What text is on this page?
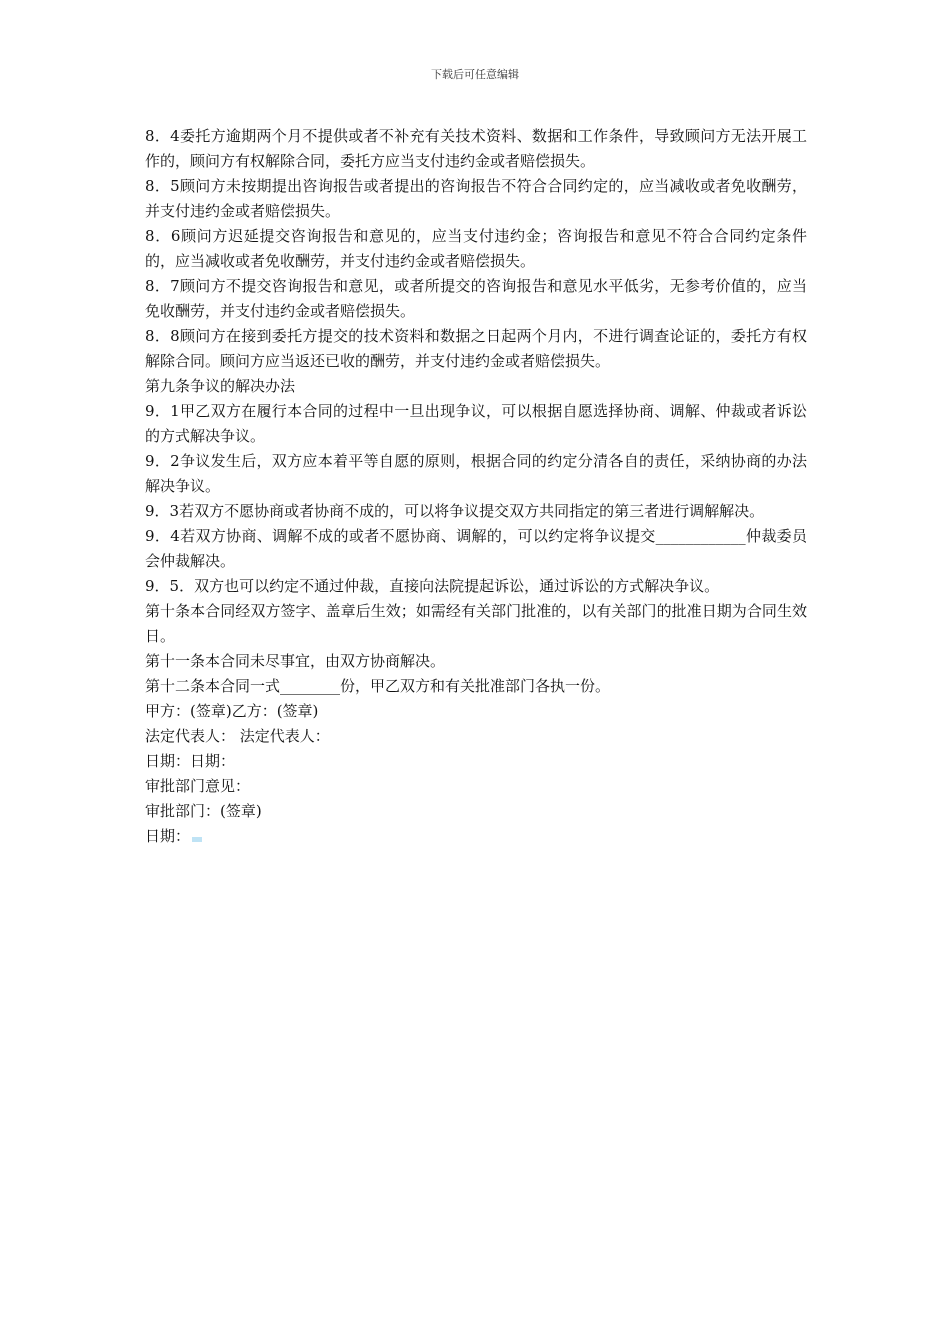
下载后可任意编辑

8．4委托方逾期两个月不提供或者不补充有关技术资料、数据和工作条件，导致顾问方无法开展工作的，顾问方有权解除合同，委托方应当支付违约金或者赔偿损失。

8．5顾问方未按期提出咨询报告或者提出的咨询报告不符合合同约定的，应当减收或者免收酬劳，并支付违约金或者赔偿损失。

8．6顾问方迟延提交咨询报告和意见的，应当支付违约金；咨询报告和意见不符合合同约定条件的，应当减收或者免收酬劳，并支付违约金或者赔偿损失。

8．7顾问方不提交咨询报告和意见，或者所提交的咨询报告和意见水平低劣，无参考价值的，应当免收酬劳，并支付违约金或者赔偿损失。

8．8顾问方在接到委托方提交的技术资料和数据之日起两个月内，不进行调查论证的，委托方有权解除合同。顾问方应当返还已收的酬劳，并支付违约金或者赔偿损失。

第九条争议的解决办法

9．1甲乙双方在履行本合同的过程中一旦出现争议，可以根据自愿选择协商、调解、仲裁或者诉讼的方式解决争议。

9．2争议发生后，双方应本着平等自愿的原则，根据合同的约定分清各自的责任，采纳协商的办法解决争议。

9．3若双方不愿协商或者协商不成的，可以将争议提交双方共同指定的第三者进行调解解决。

9．4若双方协商、调解不成的或者不愿协商、调解的，可以约定将争议提交____________仲裁委员会仲裁解决。

9．5．双方也可以约定不通过仲裁，直接向法院提起诉讼，通过诉讼的方式解决争议。

第十条本合同经双方签字、盖章后生效；如需经有关部门批准的，以有关部门的批准日期为合同生效日。

第十一条本合同未尽事宜，由双方协商解决。

第十二条本合同一式________份，甲乙双方和有关批准部门各执一份。

甲方：(签章)乙方：(签章)

法定代表人： 法定代表人：

日期：日期：

审批部门意见：

审批部门：(签章)

日期：
